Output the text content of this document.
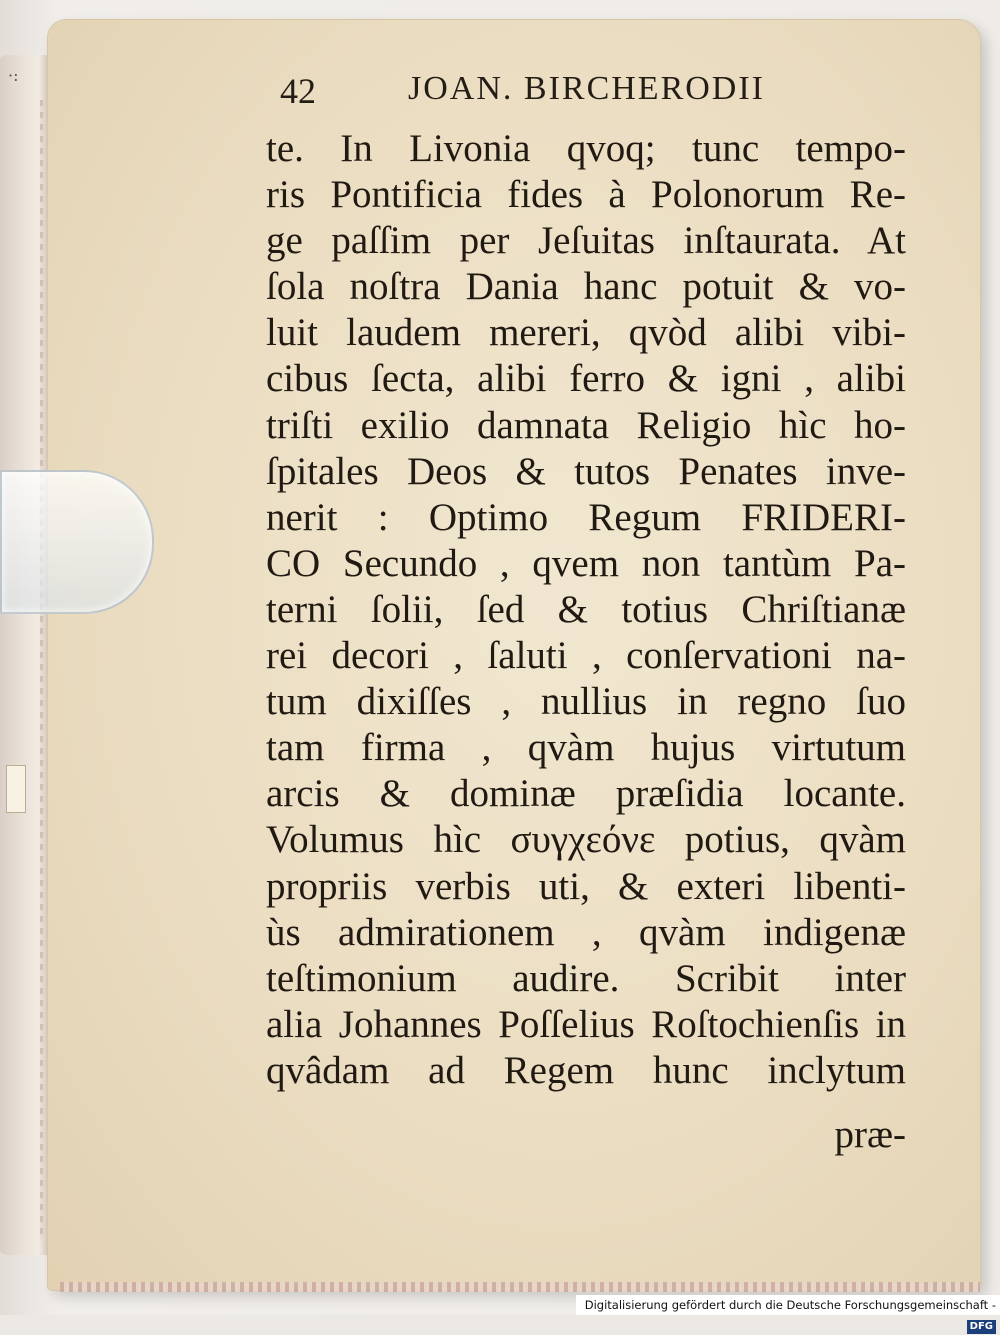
·:	42	JOAN. BIRCHERODII
te. In Livonia qvoq; tunc tempo-
ris Pontificia fides à Polonorum Re-
ge paſſim per Jeſuitas inſtaurata. At
ſola noſtra Dania hanc potuit & vo-
luit laudem mereri, qvòd alibi vibi-
cibus ſecta, alibi ferro & igni , alibi
triſti exilio damnata Religio hìc ho-
ſpitales Deos & tutos Penates inve-
nerit : Optimo Regum FRIDERI-
CO Secundo , qvem non tantùm Pa-
terni ſolii, ſed & totius Chriſtianæ
rei decori , ſaluti , conſervationi na-
tum dixiſſes , nullius in regno ſuo
tam firma , qvàm hujus virtutum
arcis & dominæ præſidia locante.
Volumus hìc συγχεόνε potius, qvàm
propriis verbis uti, & exteri libenti-
ùs admirationem , qvàm indigenæ
teſtimonium audire. Scribit inter
alia Johannes Poſſelius Roſtochienſis in
qvâdam ad Regem hunc inclytum
præ-
Digitalisierung gefördert durch die Deutsche Forschungsgemeinschaft -DFG
